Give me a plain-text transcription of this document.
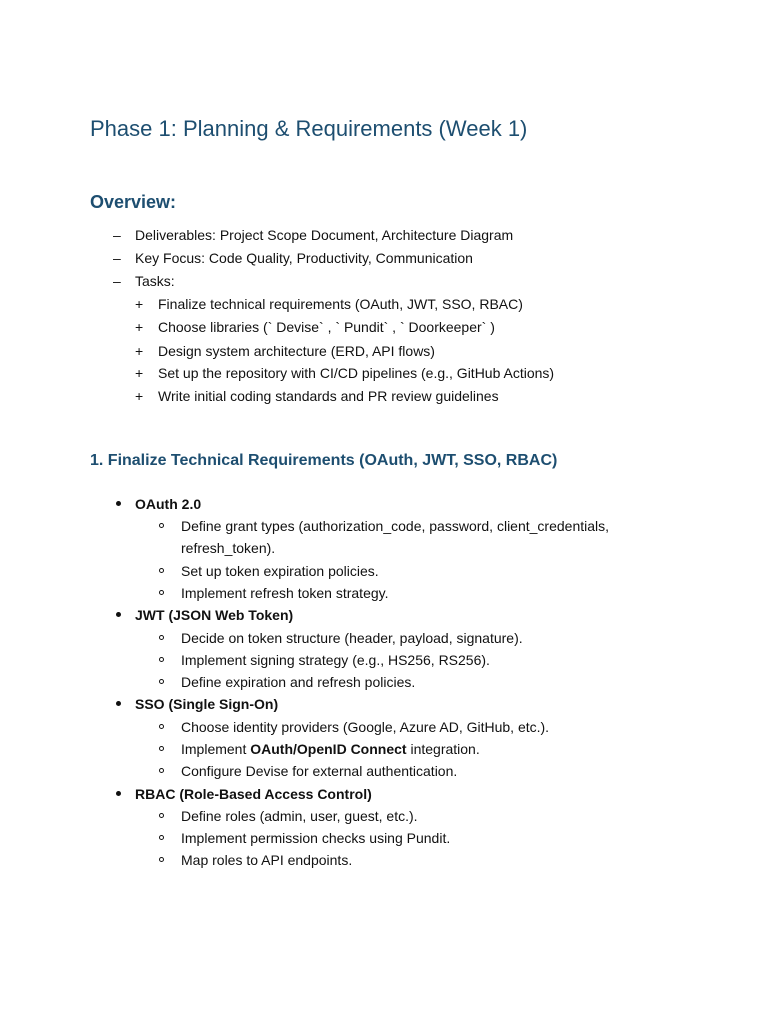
Phase 1: Planning & Requirements (Week 1)
Overview:
– Deliverables: Project Scope Document, Architecture Diagram
– Key Focus: Code Quality, Productivity, Communication
– Tasks:
+ Finalize technical requirements (OAuth, JWT, SSO, RBAC)
+ Choose libraries (` Devise` , ` Pundit` , ` Doorkeeper` )
+ Design system architecture (ERD, API flows)
+ Set up the repository with CI/CD pipelines (e.g., GitHub Actions)
+ Write initial coding standards and PR review guidelines
1. Finalize Technical Requirements (OAuth, JWT, SSO, RBAC)
OAuth 2.0
Define grant types (authorization_code, password, client_credentials,
refresh_token).
Set up token expiration policies.
Implement refresh token strategy.
JWT (JSON Web Token)
Decide on token structure (header, payload, signature).
Implement signing strategy (e.g., HS256, RS256).
Define expiration and refresh policies.
SSO (Single Sign-On)
Choose identity providers (Google, Azure AD, GitHub, etc.).
Implement OAuth/OpenID Connect integration.
Configure Devise for external authentication.
RBAC (Role-Based Access Control)
Define roles (admin, user, guest, etc.).
Implement permission checks using Pundit.
Map roles to API endpoints.
